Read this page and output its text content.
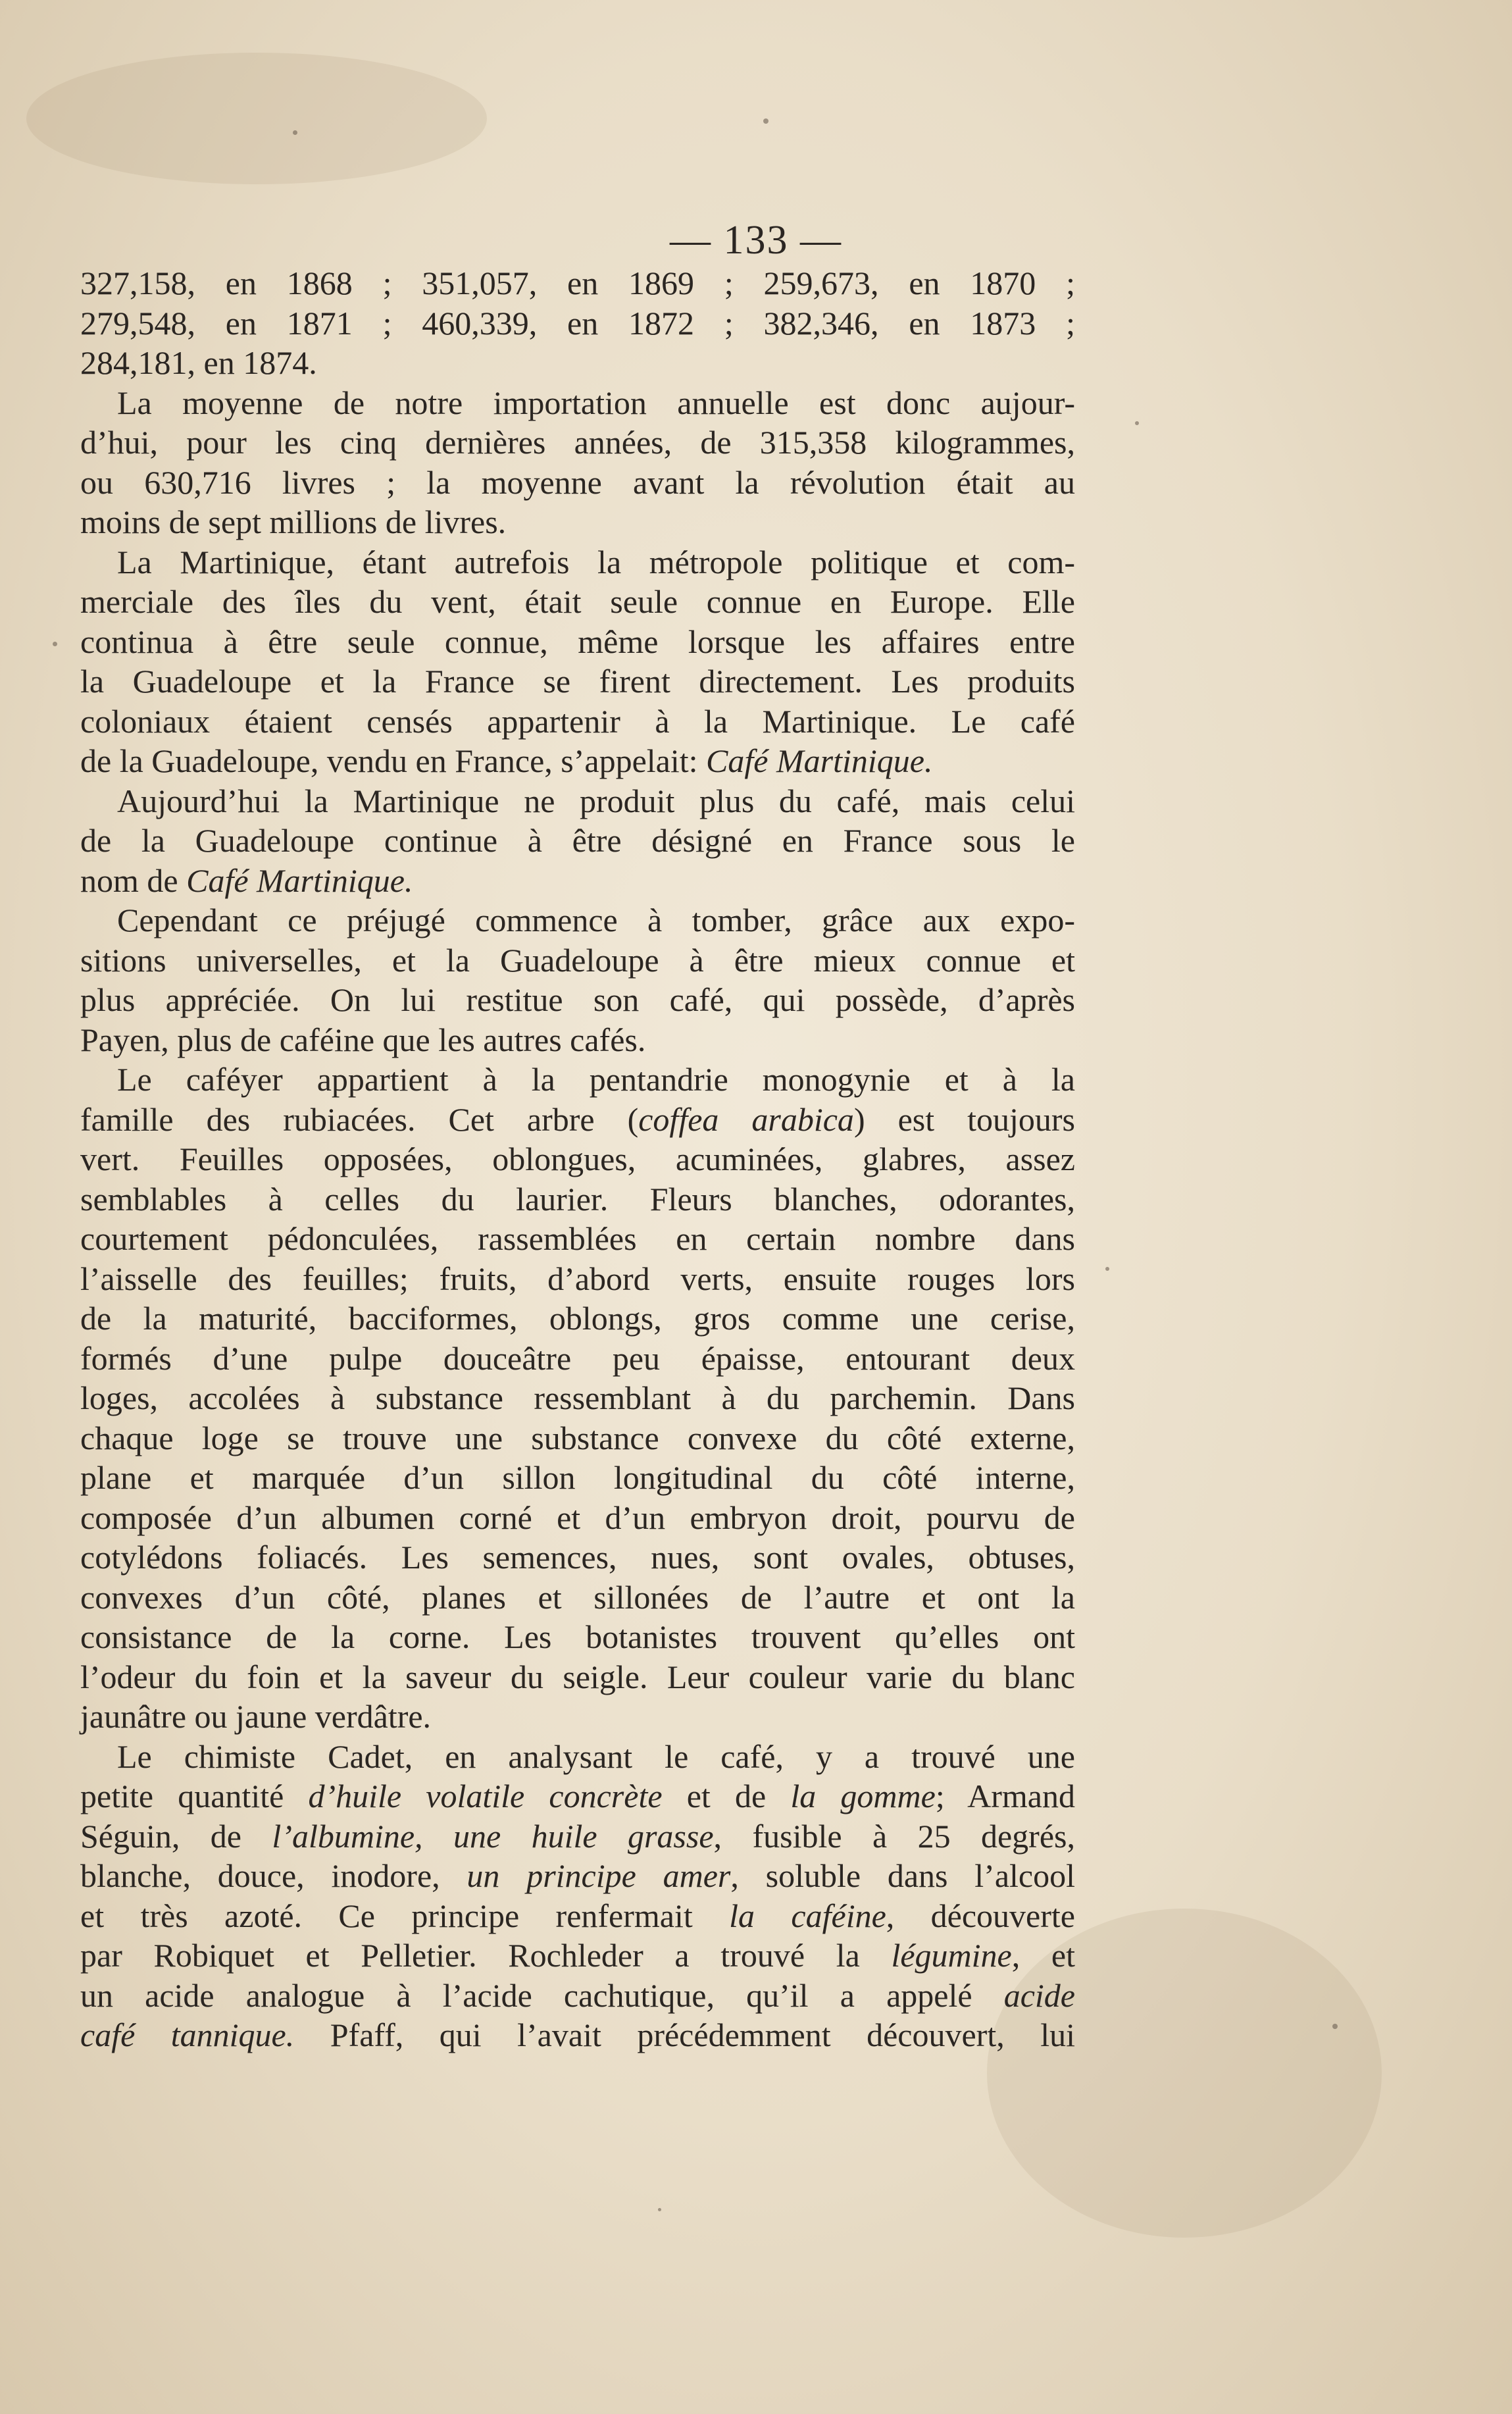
— 133 —
327,158, en 1868 ; 351,057, en 1869 ; 259,673, en 1870 ;
279,548, en 1871 ; 460,339, en 1872 ; 382,346, en 1873 ;
284,181, en 1874.
La moyenne de notre importation annuelle est donc aujour-
d’hui, pour les cinq dernières années, de 315,358 kilogrammes,
ou 630,716 livres ; la moyenne avant la révolution était au
moins de sept millions de livres.
La Martinique, étant autrefois la métropole politique et com-
merciale des îles du vent, était seule connue en Europe. Elle
continua à être seule connue, même lorsque les affaires entre
la Guadeloupe et la France se firent directement. Les produits
coloniaux étaient censés appartenir à la Martinique. Le café
de la Guadeloupe, vendu en France, s’appelait: Café Martinique.
Aujourd’hui la Martinique ne produit plus du café, mais celui
de la Guadeloupe continue à être désigné en France sous le
nom de Café Martinique.
Cependant ce préjugé commence à tomber, grâce aux expo-
sitions universelles, et la Guadeloupe à être mieux connue et
plus appréciée. On lui restitue son café, qui possède, d’après
Payen, plus de caféine que les autres cafés.
Le caféyer appartient à la pentandrie monogynie et à la
famille des rubiacées. Cet arbre (coffea arabica) est toujours
vert. Feuilles opposées, oblongues, acuminées, glabres, assez
semblables à celles du laurier. Fleurs blanches, odorantes,
courtement pédonculées, rassemblées en certain nombre dans
l’aisselle des feuilles; fruits, d’abord verts, ensuite rouges lors
de la maturité, bacciformes, oblongs, gros comme une cerise,
formés d’une pulpe douceâtre peu épaisse, entourant deux
loges, accolées à substance ressemblant à du parchemin. Dans
chaque loge se trouve une substance convexe du côté externe,
plane et marquée d’un sillon longitudinal du côté interne,
composée d’un albumen corné et d’un embryon droit, pourvu de
cotylédons foliacés. Les semences, nues, sont ovales, obtuses,
convexes d’un côté, planes et sillonées de l’autre et ont la
consistance de la corne. Les botanistes trouvent qu’elles ont
l’odeur du foin et la saveur du seigle. Leur couleur varie du blanc
jaunâtre ou jaune verdâtre.
Le chimiste Cadet, en analysant le café, y a trouvé une
petite quantité d’huile volatile concrète et de la gomme; Armand
Séguin, de l’albumine, une huile grasse, fusible à 25 degrés,
blanche, douce, inodore, un principe amer, soluble dans l’alcool
et très azoté. Ce principe renfermait la caféine, découverte
par Robiquet et Pelletier. Rochleder a trouvé la légumine, et
un acide analogue à l’acide cachutique, qu’il a appelé acide
café tannique. Pfaff, qui l’avait précédemment découvert, lui
